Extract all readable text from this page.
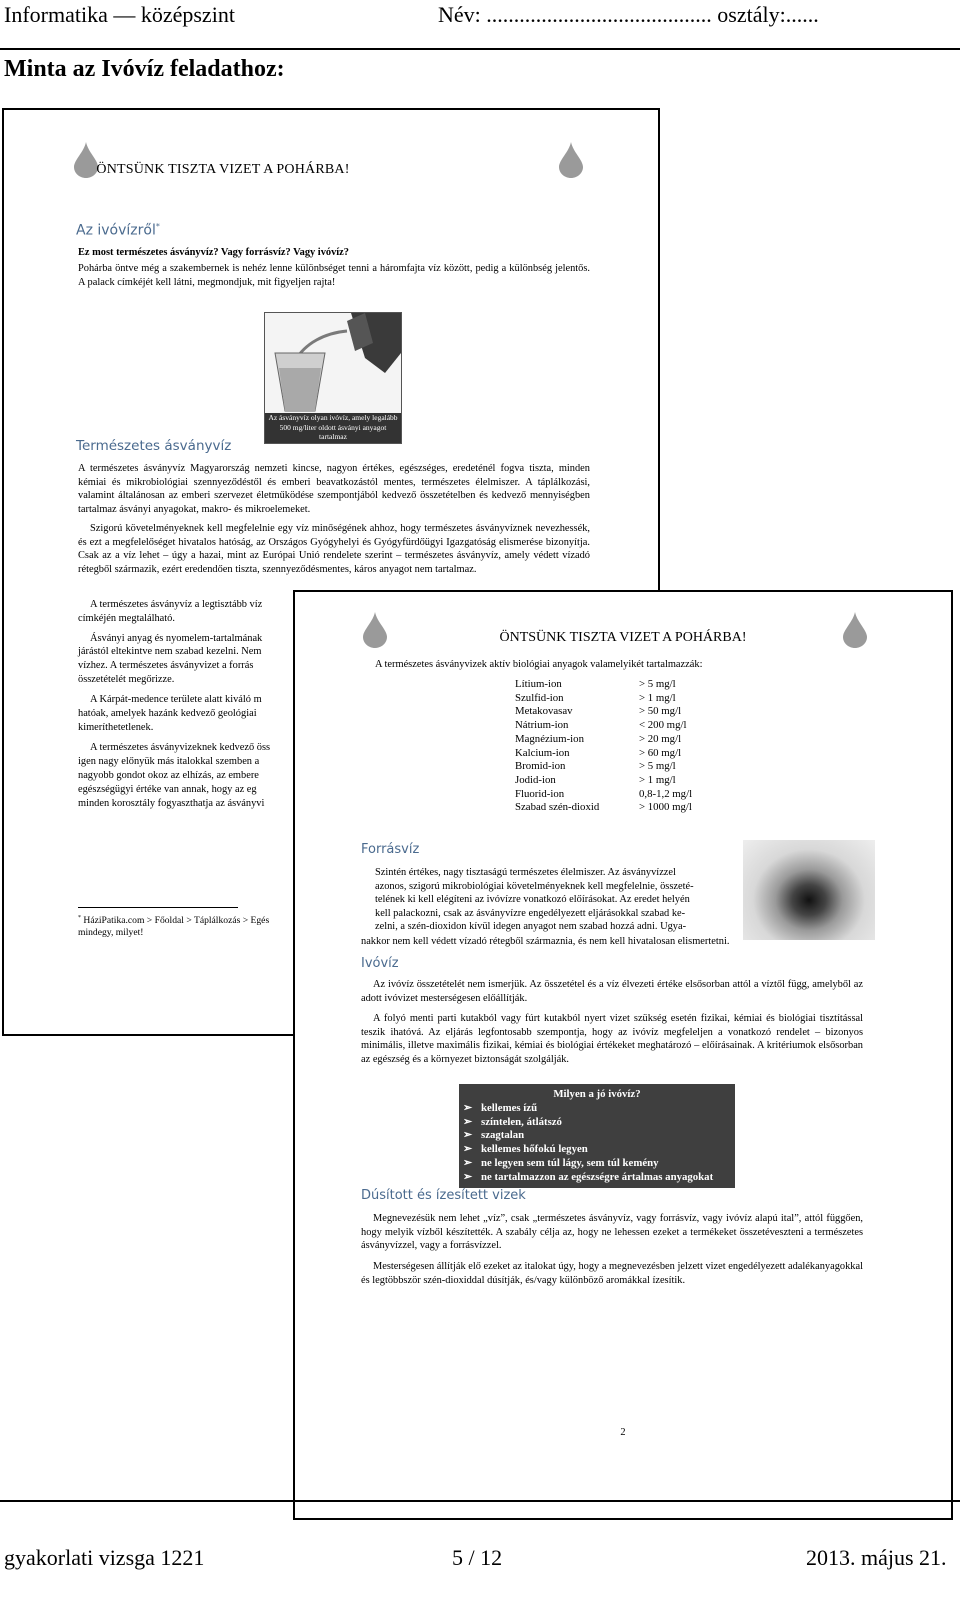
Informatika — középszint	Név: ......................................... osztály:......
Minta az Ivóvíz feladathoz:
ÖNTSÜNK TISZTA VIZET A POHÁRBA!
Az ivóvízről*
Ez most természetes ásványvíz? Vagy forrásvíz? Vagy ivóvíz?
Pohárba öntve még a szakembernek is nehéz lenne különbséget tenni a háromfajta víz között, pedig a különbség jelentős. A palack címkéjét kell látni, megmondjuk, mit figyeljen rajta!
Az ásványvíz olyan ivóvíz, amely legalább 500 mg/liter oldott ásványi anyagot tartalmaz
Természetes ásványvíz
A természetes ásványvíz Magyarország nemzeti kincse, nagyon értékes, egészséges, eredeténél fogva tiszta, minden kémiai és mikrobiológiai szennyeződéstől és emberi beavatkozástól mentes, természetes élelmiszer. A táplálkozási, valamint általánosan az emberi szervezet életműködése szempontjából kedvező összetételben és kedvező mennyiségben tartalmaz ásványi anyagokat, makro- és mikroelemeket.
Szigorú követelményeknek kell megfelelnie egy víz minőségének ahhoz, hogy természetes ásványvíznek nevezhessék, és ezt a megfelelőséget hivatalos hatóság, az Országos Gyógyhelyi és Gyógyfürdőügyi Igazgatóság elismerése bizonyítja. Csak az a víz lehet – úgy a hazai, mint az Európai Unió rendelete szerint – természetes ásványvíz, amely védett vízadó rétegből származik, ezért eredendően tiszta, szennyeződésmentes, káros anyagot nem tartalmaz.
A természetes ásványvíz a legtisztább víz
címkéjén megtalálható.
Ásványi anyag és nyomelem-tartalmának
járástól eltekintve nem szabad kezelni. Nem
vízhez. A természetes ásványvizet a forrás
összetételét megőrizze.
A Kárpát-medence területe alatt kiváló m
hatóak, amelyek hazánk kedvező geológiai
kimeríthetetlenek.
A természetes ásványvizeknek kedvező öss
igen nagy előnyük más italokkal szemben a
nagyobb gondot okoz az elhízás, az embere
egészségügyi értéke van annak, hogy az eg
minden korosztály fogyaszthatja az ásványvi
* HáziPatika.com > Főoldal > Táplálkozás > Egés
mindegy, milyet!
ÖNTSÜNK TISZTA VIZET A POHÁRBA!
A természetes ásványvizek aktív biológiai anyagok valamelyikét tartalmazzák:
Lítium-ion	> 5 mg/l
Szulfid-ion	> 1 mg/l
Metakovasav	> 50 mg/l
Nátrium-ion	< 200 mg/l
Magnézium-ion	> 20 mg/l
Kalcium-ion	> 60 mg/l
Bromid-ion	> 5 mg/l
Jodid-ion	> 1 mg/l
Fluorid-ion	0,8-1,2 mg/l
Szabad szén-dioxid	> 1000 mg/l
Forrásvíz
Szintén értékes, nagy tisztaságú természetes élelmiszer. Az ásványvízzel
azonos, szigorú mikrobiológiai követelményeknek kell megfelelnie, összeté-
telének ki kell elégíteni az ivóvízre vonatkozó előírásokat. Az eredet helyén
kell palackozni, csak az ásványvízre engedélyezett eljárásokkal szabad ke-
zelni, a szén-dioxidon kívül idegen anyagot nem szabad hozzá adni. Ugya-
nakkor nem kell védett vízadó rétegből származnia, és nem kell hivatalosan elismertetni.
Ivóvíz
Az ivóvíz összetételét nem ismerjük. Az összetétel és a víz élvezeti értéke elsősorban attól a víztől függ, amelyből az adott ivóvizet mesterségesen előállítják.
A folyó menti parti kutakból vagy fúrt kutakból nyert vizet szükség esetén fizikai, kémiai és biológiai tisztítással teszik ihatóvá. Az eljárás legfontosabb szempontja, hogy az ivóvíz megfeleljen a vonatkozó rendelet – bizonyos minimális, illetve maximális fizikai, kémiai és biológiai értékeket meghatározó – előírásainak. A kritériumok elsősorban az egészség és a környezet biztonságát szolgálják.
Milyen a jó ivóvíz?
➢ kellemes ízű
➢ színtelen, átlátszó
➢ szagtalan
➢ kellemes hőfokú legyen
➢ ne legyen sem túl lágy, sem túl kemény
➢ ne tartalmazzon az egészségre ártalmas anyagokat
Dúsított és ízesített vizek
Megnevezésük nem lehet „víz”, csak „természetes ásványvíz, vagy forrásvíz, vagy ivóvíz alapú ital”, attól függően, hogy melyik vízből készítették. A szabály célja az, hogy ne lehessen ezeket a termékeket összetéveszteni a természetes ásványvízzel, vagy a forrásvízzel.
Mesterségesen állítják elő ezeket az italokat úgy, hogy a megnevezésben jelzett vizet engedélyezett adalékanyagokkal és legtöbbször szén-dioxiddal dúsítják, és/vagy különböző aromákkal ízesítik.
2
gyakorlati vizsga 1221	5 / 12	2013. május 21.
